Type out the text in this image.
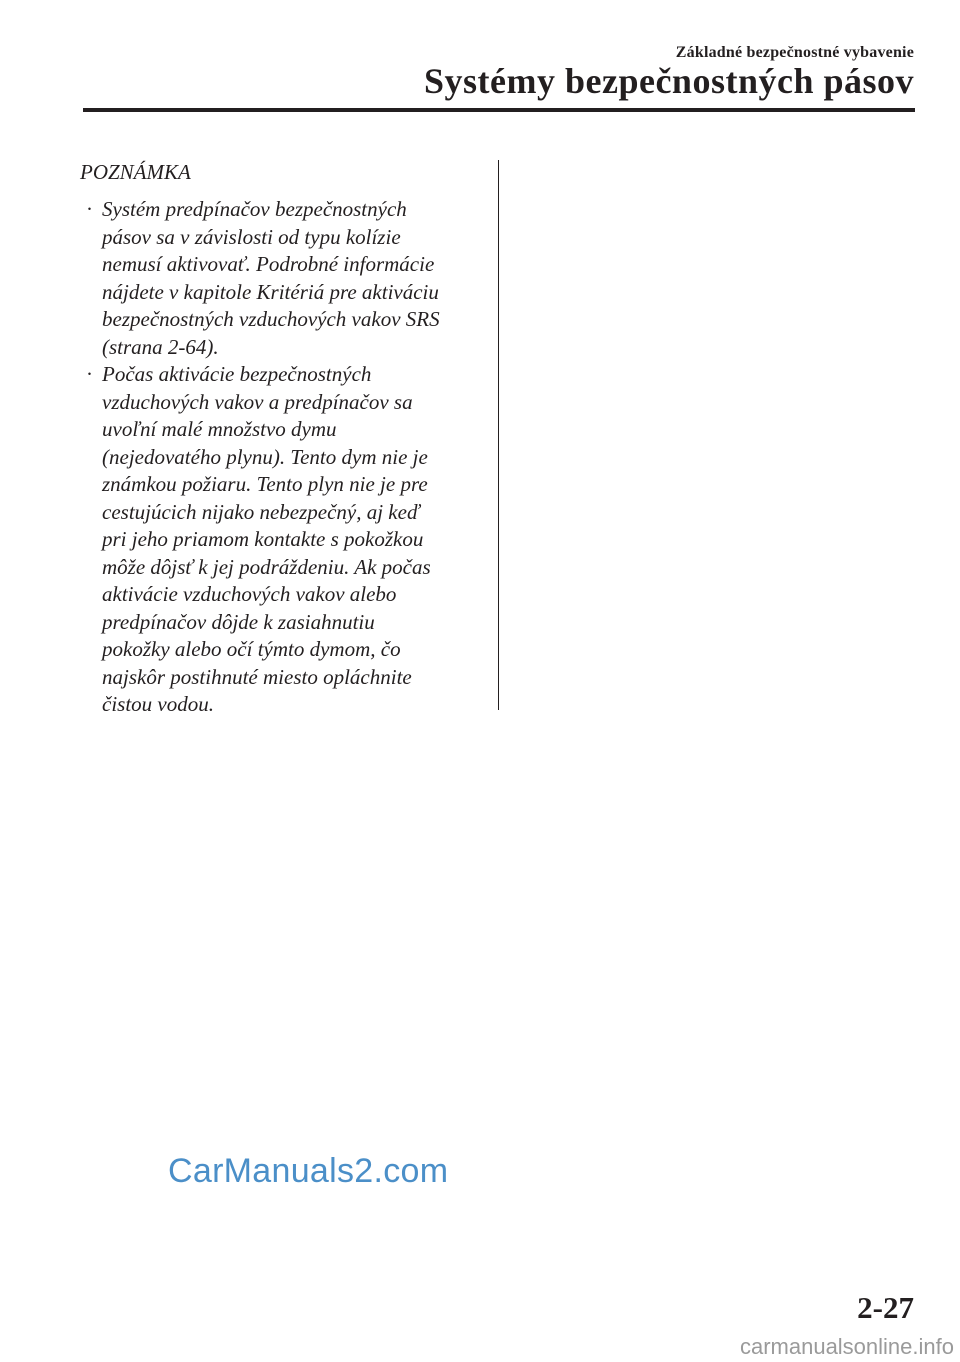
Základné bezpečnostné vybavenie
Systémy bezpečnostných pásov
POZNÁMKA
· Systém predpínačov bezpečnostných
pásov sa v závislosti od typu kolízie
nemusí aktivovať. Podrobné informácie
nájdete v kapitole Kritériá pre aktiváciu
bezpečnostných vzduchových vakov SRS
(strana 2-64).
· Počas aktivácie bezpečnostných
vzduchových vakov a predpínačov sa
uvoľní malé množstvo dymu
(nejedovatého plynu). Tento dym nie je
známkou požiaru. Tento plyn nie je pre
cestujúcich nijako nebezpečný, aj keď
pri jeho priamom kontakte s pokožkou
môže dôjsť k jej podráždeniu. Ak počas
aktivácie vzduchových vakov alebo
predpínačov dôjde k zasiahnutiu
pokožky alebo očí týmto dymom, čo
najskôr postihnuté miesto opláchnite
čistou vodou.
CarManuals2.com
2-27
carmanualsonline.info
